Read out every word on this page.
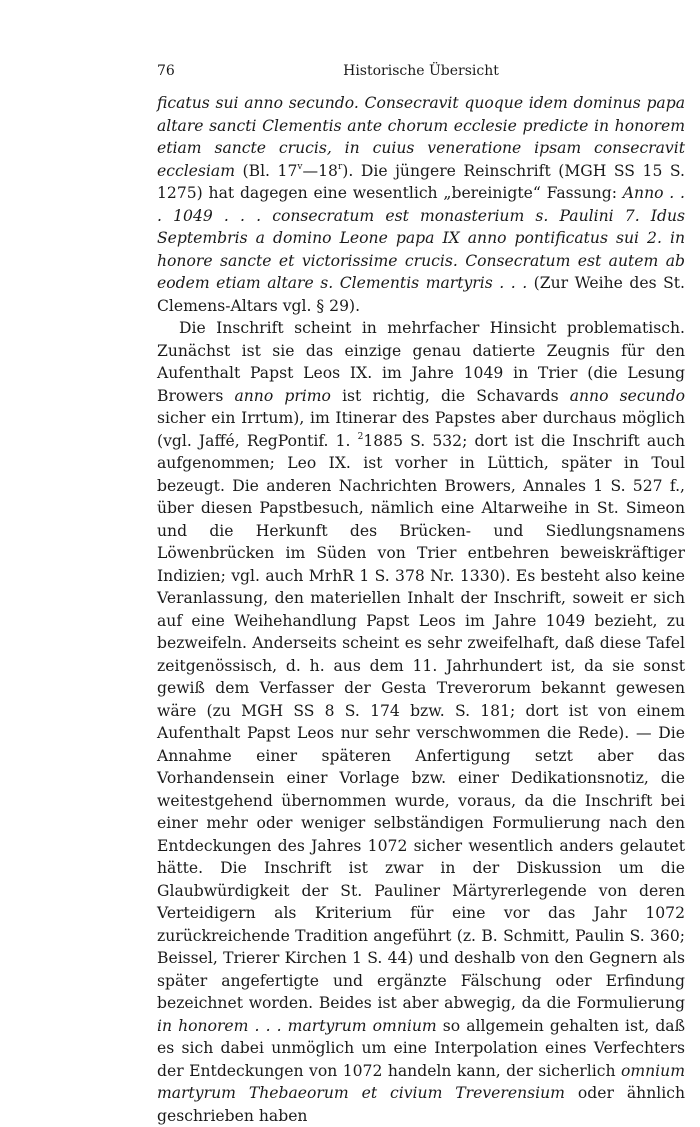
76	Historische Übersicht

ficatus sui anno secundo. Consecravit quoque idem dominus papa altare sancti Clementis ante chorum ecclesie predicte in honorem etiam sancte crucis, in cuius veneratione ipsam consecravit ecclesiam (Bl. 17$^v$—18$^r$). Die jüngere Reinschrift (MGH SS 15 S. 1275) hat dagegen eine wesentlich „bereinigte“ Fassung: Anno . . . 1049 . . . consecratum est monasterium s. Paulini 7. Idus Septembris a domino Leone papa IX anno pontificatus sui 2. in honore sancte et victorissime crucis. Consecratum est autem ab eodem etiam altare s. Clementis martyris . . . (Zur Weihe des St. Clemens-Altars vgl. § 29).

Die Inschrift scheint in mehrfacher Hinsicht problematisch. Zunächst ist sie das einzige genau datierte Zeugnis für den Aufenthalt Papst Leos IX. im Jahre 1049 in Trier (die Lesung Browers anno primo ist richtig, die Schavards anno secundo sicher ein Irrtum), im Itinerar des Papstes aber durchaus möglich (vgl. Jaffé, RegPontif. 1. $^2$1885 S. 532; dort ist die Inschrift auch aufgenommen; Leo IX. ist vorher in Lüttich, später in Toul bezeugt. Die anderen Nachrichten Browers, Annales 1 S. 527 f., über diesen Papstbesuch, nämlich eine Altarweihe in St. Simeon und die Herkunft des Brücken- und Siedlungsnamens Löwenbrücken im Süden von Trier entbehren beweiskräftiger Indizien; vgl. auch MrhR 1 S. 378 Nr. 1330). Es besteht also keine Veranlassung, den materiellen Inhalt der Inschrift, soweit er sich auf eine Weihehandlung Papst Leos im Jahre 1049 bezieht, zu bezweifeln. Anderseits scheint es sehr zweifelhaft, daß diese Tafel zeitgenössisch, d. h. aus dem 11. Jahrhundert ist, da sie sonst gewiß dem Verfasser der Gesta Treverorum bekannt gewesen wäre (zu MGH SS 8 S. 174 bzw. S. 181; dort ist von einem Aufenthalt Papst Leos nur sehr verschwommen die Rede). — Die Annahme einer späteren Anfertigung setzt aber das Vorhandensein einer Vorlage bzw. einer Dedikationsnotiz, die weitestgehend übernommen wurde, voraus, da die Inschrift bei einer mehr oder weniger selbständigen Formulierung nach den Entdeckungen des Jahres 1072 sicher wesentlich anders gelautet hätte. Die Inschrift ist zwar in der Diskussion um die Glaubwürdigkeit der St. Pauliner Märtyrerlegende von deren Verteidigern als Kriterium für eine vor das Jahr 1072 zurückreichende Tradition angeführt (z. B. Schmitt, Paulin S. 360; Beissel, Trierer Kirchen 1 S. 44) und deshalb von den Gegnern als später angefertigte und ergänzte Fälschung oder Erfindung bezeichnet worden. Beides ist aber abwegig, da die Formulierung in honorem . . . martyrum omnium so allgemein gehalten ist, daß es sich dabei unmöglich um eine Interpolation eines Verfechters der Entdeckungen von 1072 handeln kann, der sicherlich omnium martyrum Thebaeorum et civium Treverensium oder ähnlich geschrieben haben
